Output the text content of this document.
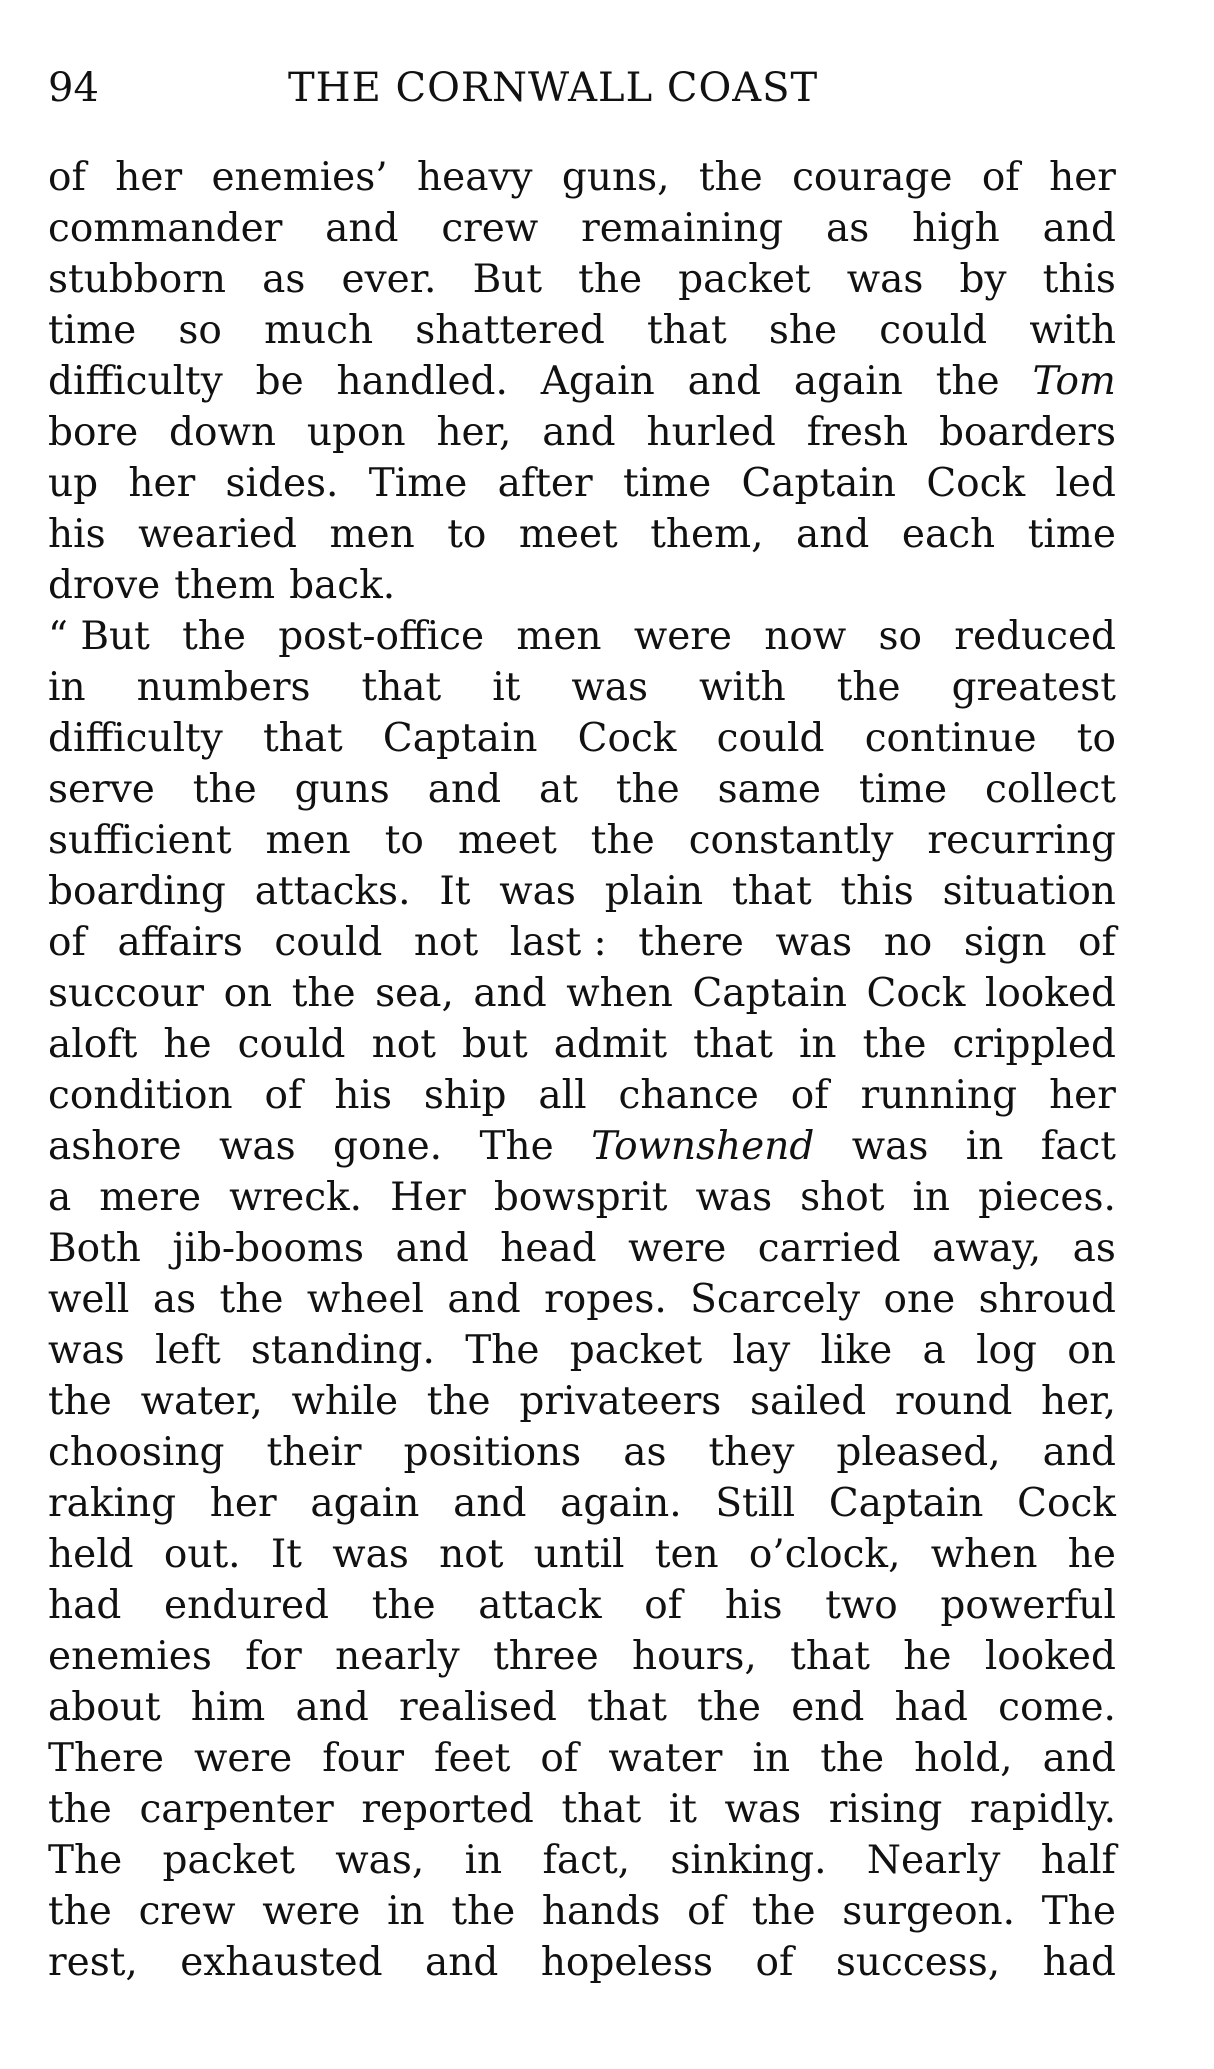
94	THE CORNWALL COAST
of her enemies’ heavy guns, the courage of her
commander and crew remaining as high and
stubborn as ever. But the packet was by this
time so much shattered that she could with
difficulty be handled. Again and again the Tom
bore down upon her, and hurled fresh boarders
up her sides. Time after time Captain Cock led
his wearied men to meet them, and each time
drove them back.
“ But the post-office men were now so reduced
in numbers that it was with the greatest
difficulty that Captain Cock could continue to
serve the guns and at the same time collect
sufficient men to meet the constantly recurring
boarding attacks. It was plain that this situation
of affairs could not last : there was no sign of
succour on the sea, and when Captain Cock looked
aloft he could not but admit that in the crippled
condition of his ship all chance of running her
ashore was gone. The Townshend was in fact
a mere wreck. Her bowsprit was shot in pieces.
Both jib-booms and head were carried away, as
well as the wheel and ropes. Scarcely one shroud
was left standing. The packet lay like a log on
the water, while the privateers sailed round her,
choosing their positions as they pleased, and
raking her again and again. Still Captain Cock
held out. It was not until ten o’clock, when he
had endured the attack of his two powerful
enemies for nearly three hours, that he looked
about him and realised that the end had come.
There were four feet of water in the hold, and
the carpenter reported that it was rising rapidly.
The packet was, in fact, sinking. Nearly half
the crew were in the hands of the surgeon. The
rest, exhausted and hopeless of success, had
